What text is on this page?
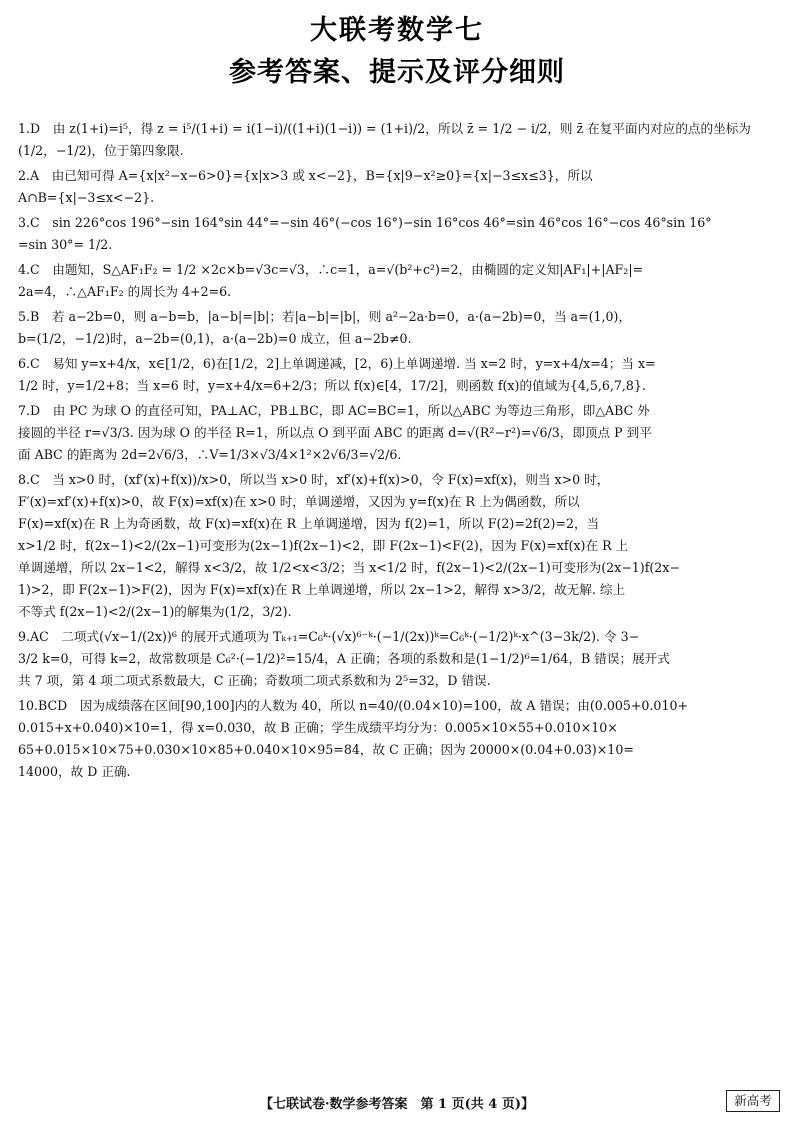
大联考数学七
参考答案、提示及评分细则
1.D　由 z(1+i)=i⁵，得 z = i⁵/(1+i) = i(1−i)/((1+i)(1−i)) = (1+i)/2，所以 z̄ = 1/2 − i/2，则 z̄ 在复平面内对应的点的坐标为
(1/2，−1/2)，位于第四象限.
2.A　由已知可得 A={x|x²−x−6>0}={x|x>3 或 x<−2}，B={x|9−x²≥0}={x|−3≤x≤3}，所以
A∩B={x|−3≤x<−2}.
3.C　sin 226°cos 196°−sin 164°sin 44°=−sin 46°(−cos 16°)−sin 16°cos 46°=sin 46°cos 16°−cos 46°sin 16°
=sin 30°= 1/2.
4.C　由题知，S△AF₁F₂ = 1/2 ×2c×b=√3c=√3，∴c=1，a=√(b²+c²)=2，由椭圆的定义知|AF₁|+|AF₂|=
2a=4，∴△AF₁F₂ 的周长为 4+2=6.
5.B　若 a−2b=0，则 a−b=b，|a−b|=|b|；若|a−b|=|b|，则 a²−2a·b=0，a·(a−2b)=0，当 a=(1,0)，
b=(1/2，−1/2)时，a−2b=(0,1)，a·(a−2b)=0 成立，但 a−2b≠0.
6.C　易知 y=x+4/x，x∈[1/2，6)在[1/2，2]上单调递减，[2，6)上单调递增. 当 x=2 时，y=x+4/x=4；当 x=
1/2 时，y=1/2+8；当 x=6 时，y=x+4/x=6+2/3；所以 f(x)∈[4，17/2]，则函数 f(x)的值域为{4,5,6,7,8}.
7.D　由 PC 为球 O 的直径可知，PA⊥AC，PB⊥BC，即 AC=BC=1，所以△ABC 为等边三角形，即△ABC 外
接圆的半径 r=√3/3. 因为球 O 的半径 R=1，所以点 O 到平面 ABC 的距离 d=√(R²−r²)=√6/3，即顶点 P 到平
面 ABC 的距离为 2d=2√6/3，∴V=1/3×√3/4×1²×2√6/3=√2/6.
8.C　当 x>0 时，(xf′(x)+f(x))/x>0，所以当 x>0 时，xf′(x)+f(x)>0，令 F(x)=xf(x)，则当 x>0 时，
F′(x)=xf′(x)+f(x)>0，故 F(x)=xf(x)在 x>0 时，单调递增，又因为 y=f(x)在 R 上为偶函数，所以
F(x)=xf(x)在 R 上为奇函数，故 F(x)=xf(x)在 R 上单调递增，因为 f(2)=1，所以 F(2)=2f(2)=2，当
x>1/2 时，f(2x−1)<2/(2x−1)可变形为(2x−1)f(2x−1)<2，即 F(2x−1)<F(2)，因为 F(x)=xf(x)在 R 上
单调递增，所以 2x−1<2，解得 x<3/2，故 1/2<x<3/2；当 x<1/2 时，f(2x−1)<2/(2x−1)可变形为(2x−1)f(2x−
1)>2，即 F(2x−1)>F(2)，因为 F(x)=xf(x)在 R 上单调递增，所以 2x−1>2，解得 x>3/2，故无解. 综上
不等式 f(2x−1)<2/(2x−1)的解集为(1/2，3/2).
9.AC　二项式(√x−1/(2x))⁶ 的展开式通项为 Tₖ₊₁=C₆ᵏ·(√x)⁶⁻ᵏ·(−1/(2x))ᵏ=C₆ᵏ·(−1/2)ᵏ·x^(3−3k/2). 令 3−
3/2 k=0，可得 k=2，故常数项是 C₆²·(−1/2)²=15/4，A 正确；各项的系数和是(1−1/2)⁶=1/64，B 错误；展开式
共 7 项，第 4 项二项式系数最大，C 正确；奇数项二项式系数和为 2⁵=32，D 错误.
10.BCD　因为成绩落在区间[90,100]内的人数为 40，所以 n=40/(0.04×10)=100，故 A 错误；由(0.005+0.010+
0.015+x+0.040)×10=1，得 x=0.030，故 B 正确；学生成绩平均分为：0.005×10×55+0.010×10×
65+0.015×10×75+0.030×10×85+0.040×10×95=84，故 C 正确；因为 20000×(0.04+0.03)×10=
14000，故 D 正确.
【七联试卷·数学参考答案　第 1 页(共 4 页)】	新高考
